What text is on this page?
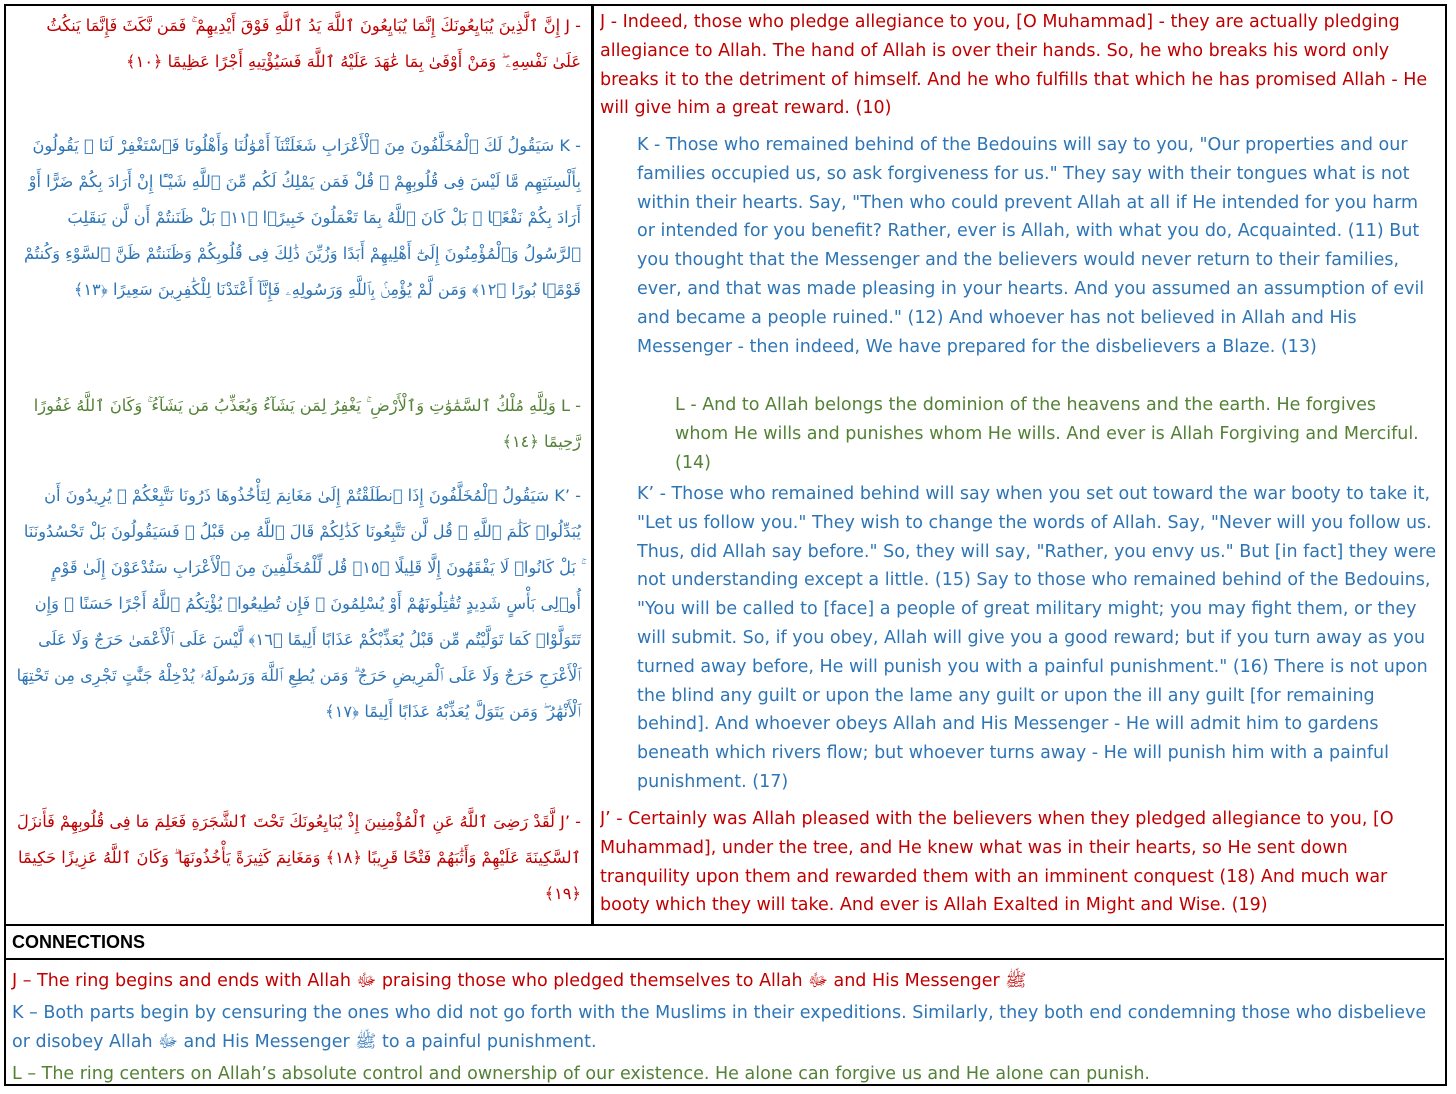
J - إِنَّ ٱلَّذِينَ يُبَايِعُونَكَ إِنَّمَا يُبَايِعُونَ ٱللَّهَ يَدُ ٱللَّهِ فَوْقَ أَيْدِيهِمْ ۚ فَمَن نَّكَثَ فَإِنَّمَا يَنكُثُ عَلَىٰ نَفْسِهِۦ ۖ وَمَنْ أَوْفَىٰ بِمَا عَٰهَدَ عَلَيْهُ ٱللَّهَ فَسَيُؤْتِيهِ أَجْرًا عَظِيمًا ﴿١٠﴾
J - Indeed, those who pledge allegiance to you, [O Muhammad] - they are actually pledging allegiance to Allah. The hand of Allah is over their hands. So, he who breaks his word only breaks it to the detriment of himself. And he who fulfills that which he has promised Allah - He will give him a great reward. (10)
K - سَيَقُولُ لَكَ ٱلْمُخَلَّفُونَ مِنَ ٱلْأَعْرَابِ شَغَلَتْنَآ أَمْوَٰلُنَا وَأَهْلُونَا فَٱسْتَغْفِرْ لَنَا ۚ يَقُولُونَ بِأَلْسِنَتِهِم مَّا لَيْسَ فِى قُلُوبِهِمْ ۚ قُلْ فَمَن يَمْلِكُ لَكُم مِّنَ ٱللَّهِ شَيْـًٔا إِنْ أَرَادَ بِكُمْ ضَرًّا أَوْ أَرَادَ بِكُمْ نَفْعًۢا ۚ بَلْ كَانَ ٱللَّهُ بِمَا تَعْمَلُونَ خَبِيرًۢا ﴿١١﴾ بَلْ ظَنَنتُمْ أَن لَّن يَنقَلِبَ ٱلرَّسُولُ وَٱلْمُؤْمِنُونَ إِلَىٰٓ أَهْلِيهِمْ أَبَدًا وَزُيِّنَ ذَٰلِكَ فِى قُلُوبِكُمْ وَظَنَنتُمْ ظَنَّ ٱلسَّوْءِ وَكُنتُمْ قَوْمًۢا بُورًا ﴿١٢﴾ وَمَن لَّمْ يُؤْمِنۢ بِٱللَّهِ وَرَسُولِهِۦ فَإِنَّآ أَعْتَدْنَا لِلْكَٰفِرِينَ سَعِيرًا ﴿١٣﴾
K - Those who remained behind of the Bedouins will say to you, "Our properties and our families occupied us, so ask forgiveness for us." They say with their tongues what is not within their hearts. Say, "Then who could prevent Allah at all if He intended for you harm or intended for you benefit? Rather, ever is Allah, with what you do, Acquainted. (11) But you thought that the Messenger and the believers would never return to their families, ever, and that was made pleasing in your hearts. And you assumed an assumption of evil and became a people ruined." (12) And whoever has not believed in Allah and His Messenger - then indeed, We have prepared for the disbelievers a Blaze. (13)
L - وَلِلَّهِ مُلْكُ ٱلسَّمَٰوَٰتِ وَٱلْأَرْضِ ۚ يَغْفِرُ لِمَن يَشَآءُ وَيُعَذِّبُ مَن يَشَآءُ ۚ وَكَانَ ٱللَّهُ غَفُورًا رَّحِيمًا ﴿١٤﴾
L - And to Allah belongs the dominion of the heavens and the earth. He forgives whom He wills and punishes whom He wills. And ever is Allah Forgiving and Merciful. (14)
K’ - سَيَقُولُ ٱلْمُخَلَّفُونَ إِذَا ٱنطَلَقْتُمْ إِلَىٰ مَغَانِمَ لِتَأْخُذُوهَا ذَرُونَا نَتَّبِعْكُمْ ۖ يُرِيدُونَ أَن يُبَدِّلُوا۟ كَلَٰمَ ٱللَّهِ ۚ قُل لَّن تَتَّبِعُونَا كَذَٰلِكُمْ قَالَ ٱللَّهُ مِن قَبْلُ ۖ فَسَيَقُولُونَ بَلْ تَحْسُدُونَنَا ۚ بَلْ كَانُوا۟ لَا يَفْقَهُونَ إِلَّا قَلِيلًا ﴿١٥﴾ قُل لِّلْمُخَلَّفِينَ مِنَ ٱلْأَعْرَابِ سَتُدْعَوْنَ إِلَىٰ قَوْمٍ أُو۟لِى بَأْسٍ شَدِيدٍ تُقَٰتِلُونَهُمْ أَوْ يُسْلِمُونَ ۖ فَإِن تُطِيعُوا۟ يُؤْتِكُمُ ٱللَّهُ أَجْرًا حَسَنًا ۖ وَإِن تَتَوَلَّوْا۟ كَمَا تَوَلَّيْتُم مِّن قَبْلُ يُعَذِّبْكُمْ عَذَابًا أَلِيمًا ﴿١٦﴾ لَّيْسَ عَلَى ٱلْأَعْمَىٰ حَرَجٌ وَلَا عَلَى ٱلْأَعْرَجِ حَرَجٌ وَلَا عَلَى ٱلْمَرِيضِ حَرَجٌ ۗ وَمَن يُطِعِ ٱللَّهَ وَرَسُولَهُۥ يُدْخِلْهُ جَنَّٰتٍ تَجْرِى مِن تَحْتِهَا ٱلْأَنْهَٰرُ ۖ وَمَن يَتَوَلَّ يُعَذِّبْهُ عَذَابًا أَلِيمًا ﴿١٧﴾
K’ - Those who remained behind will say when you set out toward the war booty to take it, "Let us follow you." They wish to change the words of Allah. Say, "Never will you follow us. Thus, did Allah say before." So, they will say, "Rather, you envy us." But [in fact] they were not understanding except a little. (15) Say to those who remained behind of the Bedouins, "You will be called to [face] a people of great military might; you may fight them, or they will submit. So, if you obey, Allah will give you a good reward; but if you turn away as you turned away before, He will punish you with a painful punishment." (16) There is not upon the blind any guilt or upon the lame any guilt or upon the ill any guilt [for remaining behind]. And whoever obeys Allah and His Messenger - He will admit him to gardens beneath which rivers flow; but whoever turns away - He will punish him with a painful punishment. (17)
J’ - لَّقَدْ رَضِىَ ٱللَّهُ عَنِ ٱلْمُؤْمِنِينَ إِذْ يُبَايِعُونَكَ تَحْتَ ٱلشَّجَرَةِ فَعَلِمَ مَا فِى قُلُوبِهِمْ فَأَنزَلَ ٱلسَّكِينَةَ عَلَيْهِمْ وَأَثَٰبَهُمْ فَتْحًا قَرِيبًا ﴿١٨﴾ وَمَغَانِمَ كَثِيرَةً يَأْخُذُونَهَا ۗ وَكَانَ ٱللَّهُ عَزِيزًا حَكِيمًا ﴿١٩﴾
J’ - Certainly was Allah pleased with the believers when they pledged allegiance to you, [O Muhammad], under the tree, and He knew what was in their hearts, so He sent down tranquility upon them and rewarded them with an imminent conquest (18) And much war booty which they will take. And ever is Allah Exalted in Might and Wise. (19)
CONNECTIONS
J – The ring begins and ends with Allah ﷻ praising those who pledged themselves to Allah ﷻ and His Messenger ﷺ
K – Both parts begin by censuring the ones who did not go forth with the Muslims in their expeditions. Similarly, they both end condemning those who disbelieve or disobey Allah ﷻ and His Messenger ﷺ to a painful punishment.
L – The ring centers on Allah’s absolute control and ownership of our existence. He alone can forgive us and He alone can punish.
